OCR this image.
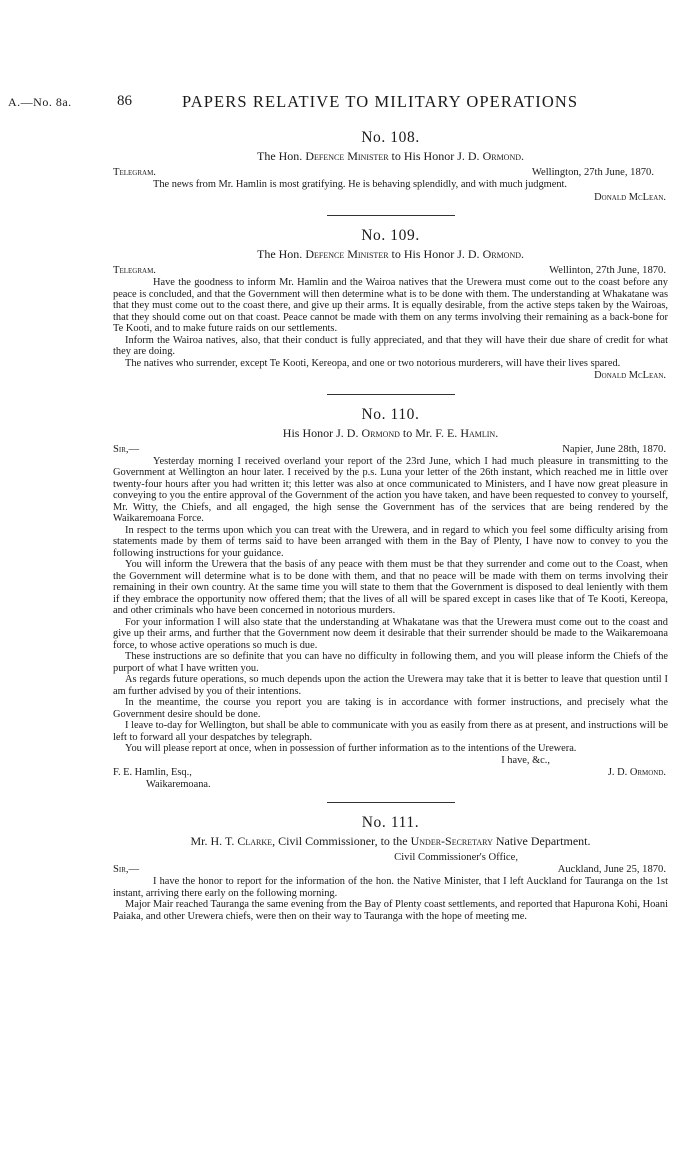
A.—No. 8a.	86	PAPERS RELATIVE TO MILITARY OPERATIONS
No. 108.
The Hon. Defence Minister to His Honor J. D. Ormond.
Telegram.	Wellington, 27th June, 1870.

The news from Mr. Hamlin is most gratifying. He is behaving splendidly, and with much judgment.

Donald McLean.
No. 109.
The Hon. Defence Minister to His Honor J. D. Ormond.
Telegram.	Wellinton, 27th June, 1870.

Have the goodness to inform Mr. Hamlin and the Wairoa natives that the Urewera must come out to the coast before any peace is concluded, and that the Government will then determine what is to be done with them. The understanding at Whakatane was that they must come out to the coast there, and give up their arms. It is equally desirable, from the active steps taken by the Wairoas, that they should come out on that coast. Peace cannot be made with them on any terms involving their remaining as a back-bone for Te Kooti, and to make future raids on our settlements.

Inform the Wairoa natives, also, that their conduct is fully appreciated, and that they will have their due share of credit for what they are doing.

The natives who surrender, except Te Kooti, Kereopa, and one or two notorious murderers, will have their lives spared.

Donald McLean.
No. 110.
His Honor J. D. Ormond to Mr. F. E. Hamlin.
Sir,—	Napier, June 28th, 1870.

Yesterday morning I received overland your report of the 23rd June, which I had much pleasure in transmitting to the Government at Wellington an hour later. I received by the p.s. Luna your letter of the 26th instant, which reached me in little over twenty-four hours after you had written it; this letter was also at once communicated to Ministers, and I have now great pleasure in conveying to you the entire approval of the Government of the action you have taken, and have been requested to convey to yourself, Mr. Witty, the Chiefs, and all engaged, the high sense the Government has of the services that are being rendered by the Waikaremoana Force.

In respect to the terms upon which you can treat with the Urewera, and in regard to which you feel some difficulty arising from statements made by them of terms said to have been arranged with them in the Bay of Plenty, I have now to convey to you the following instructions for your guidance.

You will inform the Urewera that the basis of any peace with them must be that they surrender and come out to the Coast, when the Government will determine what is to be done with them, and that no peace will be made with them on terms involving their remaining in their own country. At the same time you will state to them that the Government is disposed to deal leniently with them if they embrace the opportunity now offered them; that the lives of all will be spared except in cases like that of Te Kooti, Kereopa, and other criminals who have been concerned in notorious murders.

For your information I will also state that the understanding at Whakatane was that the Urewera must come out to the coast and give up their arms, and further that the Government now deem it desirable that their surrender should be made to the Waikaremoana force, to whose active operations so much is due.

These instructions are so definite that you can have no difficulty in following them, and you will please inform the Chiefs of the purport of what I have written you.

As regards future operations, so much depends upon the action the Urewera may take that it is better to leave that question until I am further advised by you of their intentions.

In the meantime, the course you report you are taking is in accordance with former instructions, and precisely what the Government desire should be done.

I leave to-day for Wellington, but shall be able to communicate with you as easily from there as at present, and instructions will be left to forward all your despatches by telegraph.

You will please report at once, when in possession of further information as to the intentions of the Urewera.

I have, &c.,
F. E. Hamlin, Esq.,	J. D. Ormond.
Waikaremoana.
No. 111.
Mr. H. T. Clarke, Civil Commissioner, to the Under-Secretary Native Department.
Civil Commissioner's Office,
Sir,—	Auckland, June 25, 1870.

I have the honor to report for the information of the hon. the Native Minister, that I left Auckland for Tauranga on the 1st instant, arriving there early on the following morning.

Major Mair reached Tauranga the same evening from the Bay of Plenty coast settlements, and reported that Hapurona Kohi, Hoani Paiaka, and other Urewera chiefs, were then on their way to Tauranga with the hope of meeting me.
